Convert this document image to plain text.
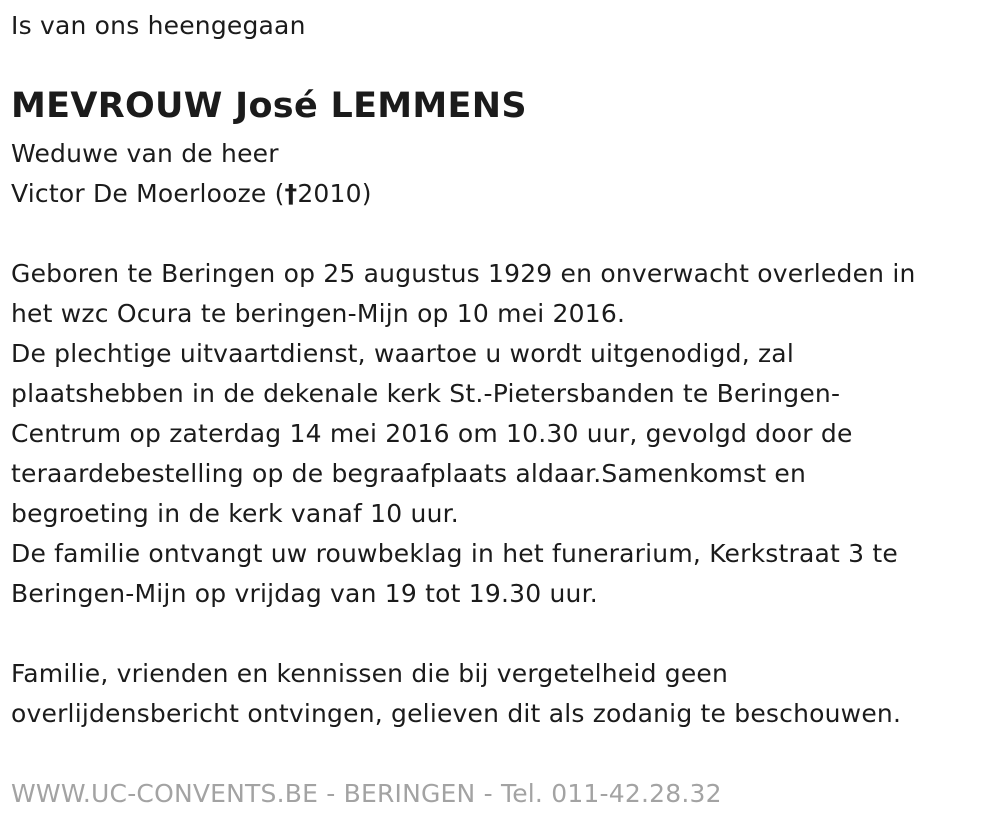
Is van ons heengegaan
MEVROUW José LEMMENS
Weduwe van de heer
Victor De Moerlooze (†2010)
Geboren te Beringen op 25 augustus 1929 en onverwacht overleden in
het wzc Ocura te beringen-Mijn op 10 mei 2016.
De plechtige uitvaartdienst, waartoe u wordt uitgenodigd, zal
plaatshebben in de dekenale kerk St.-Pietersbanden te Beringen-
Centrum op zaterdag 14 mei 2016 om 10.30 uur, gevolgd door de
teraardebestelling op de begraafplaats aldaar.Samenkomst en
begroeting in de kerk vanaf 10 uur.
De familie ontvangt uw rouwbeklag in het funerarium, Kerkstraat 3 te
Beringen-Mijn op vrijdag van 19 tot 19.30 uur.
Familie, vrienden en kennissen die bij vergetelheid geen
overlijdensbericht ontvingen, gelieven dit als zodanig te beschouwen.
WWW.UC-CONVENTS.BE - BERINGEN - Tel. 011-42.28.32
